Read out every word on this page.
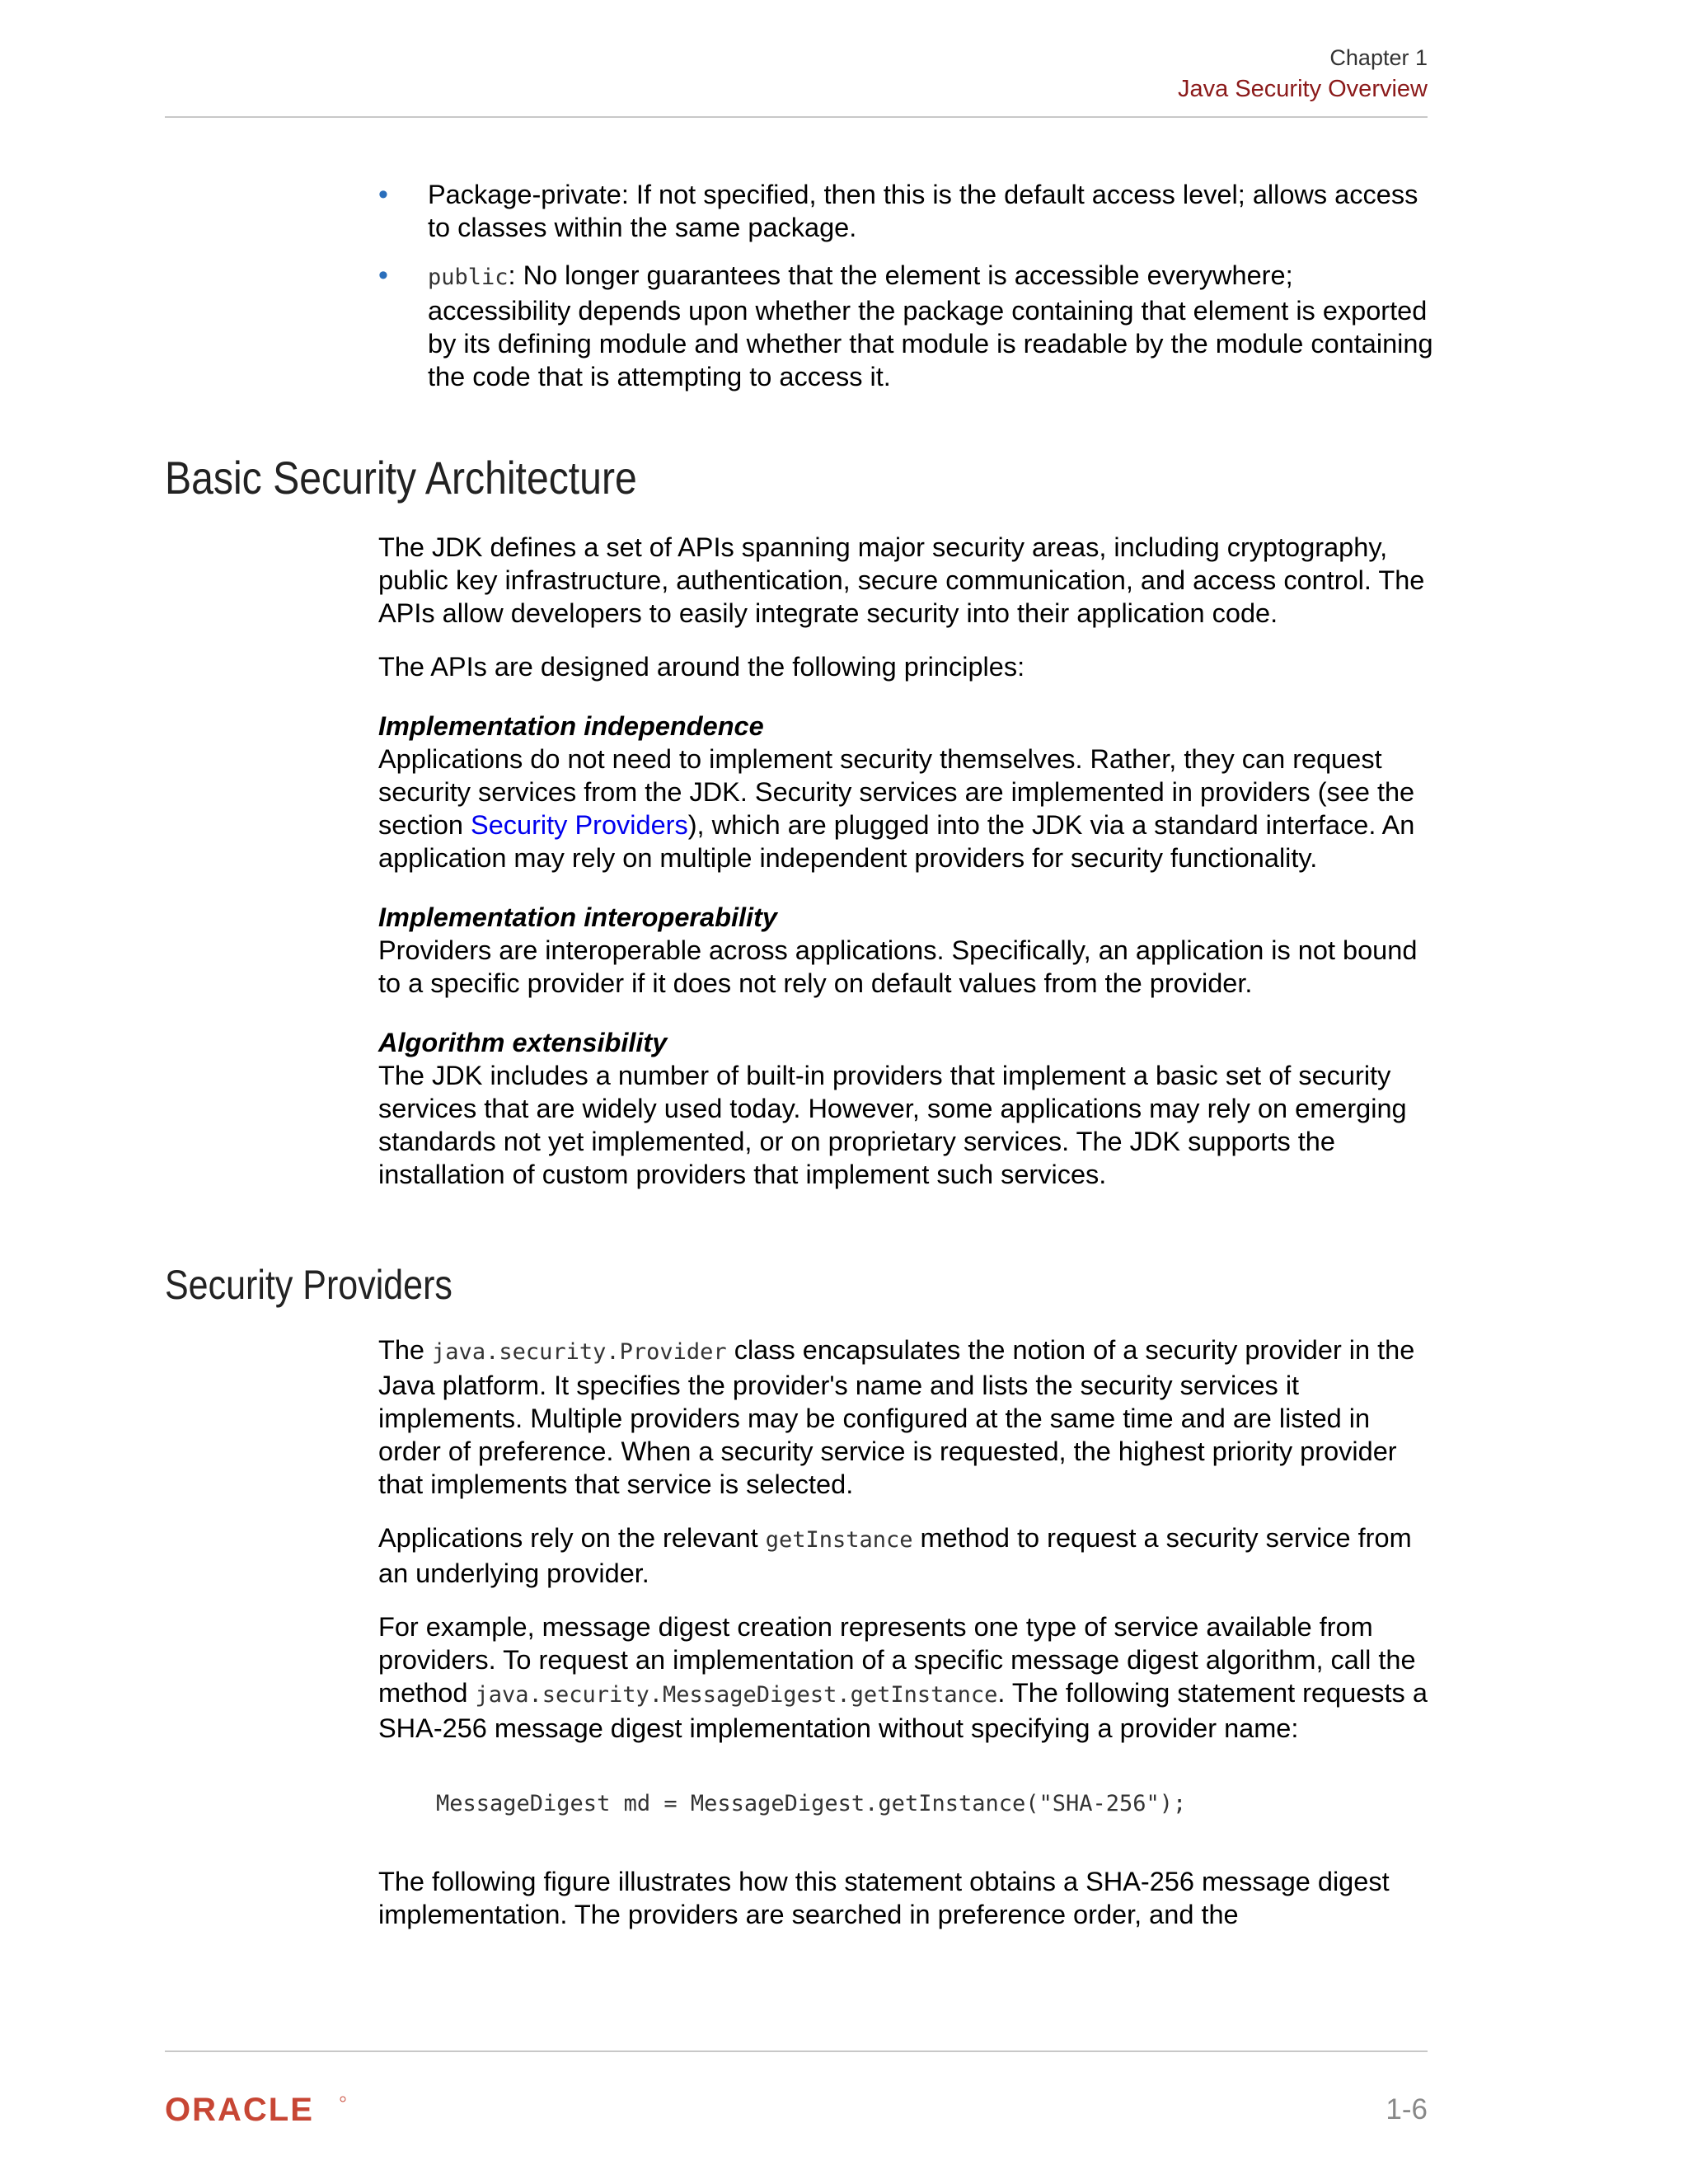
Chapter 1
Java Security Overview
• Package-private: If not specified, then this is the default access level; allows access to classes within the same package.
• public: No longer guarantees that the element is accessible everywhere; accessibility depends upon whether the package containing that element is exported by its defining module and whether that module is readable by the module containing the code that is attempting to access it.
Basic Security Architecture

The JDK defines a set of APIs spanning major security areas, including cryptography, public key infrastructure, authentication, secure communication, and access control. The APIs allow developers to easily integrate security into their application code.

The APIs are designed around the following principles:

Implementation independence
Applications do not need to implement security themselves. Rather, they can request security services from the JDK. Security services are implemented in providers (see the section Security Providers), which are plugged into the JDK via a standard interface. An application may rely on multiple independent providers for security functionality.
Implementation interoperability
Providers are interoperable across applications. Specifically, an application is not bound to a specific provider if it does not rely on default values from the provider.
Algorithm extensibility
The JDK includes a number of built-in providers that implement a basic set of security services that are widely used today. However, some applications may rely on emerging standards not yet implemented, or on proprietary services. The JDK supports the installation of custom providers that implement such services.
Security Providers

The java.security.Provider class encapsulates the notion of a security provider in the Java platform. It specifies the provider's name and lists the security services it implements. Multiple providers may be configured at the same time and are listed in order of preference. When a security service is requested, the highest priority provider that implements that service is selected.

Applications rely on the relevant getInstance method to request a security service from an underlying provider.

For example, message digest creation represents one type of service available from providers. To request an implementation of a specific message digest algorithm, call the method java.security.MessageDigest.getInstance. The following statement requests a SHA-256 message digest implementation without specifying a provider name:

MessageDigest md = MessageDigest.getInstance("SHA-256");

The following figure illustrates how this statement obtains a SHA-256 message digest implementation. The providers are searched in preference order, and the

ORACLE	1-6
